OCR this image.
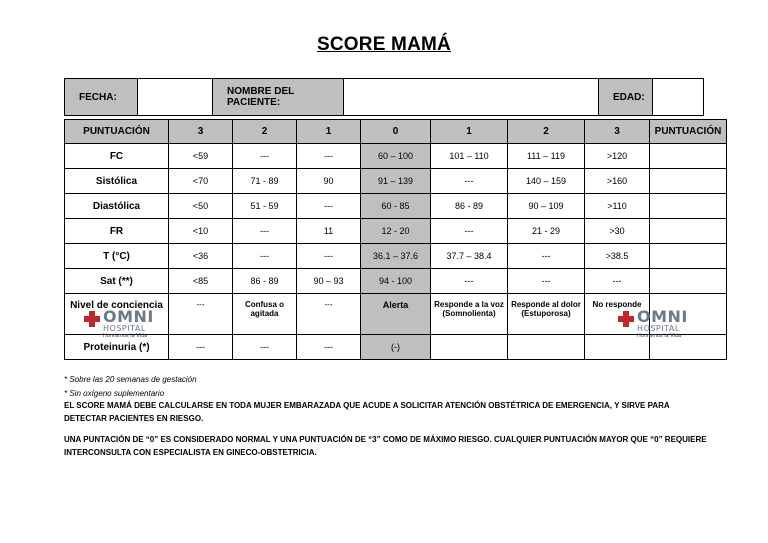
SCORE MAMÁ
FECHA:		NOMBRE DEL PACIENTE:		EDAD:	
PUNTUACIÓN	3	2	1	0	1	2	3	PUNTUACIÓN
FC	<59	---	---	60 – 100	101 – 110	111 – 119	>120	
Sistólica	<70	71 - 89	90	91 – 139	---	140 – 159	>160	
Diastólica	<50	51 - 59	---	60 - 85	86 - 89	90 – 109	>110	
FR	<10	---	11	12 - 20	---	21 - 29	>30	
T (°C)	<36	---	---	36.1 – 37.6	37.7 – 38.4	---	>38.5	
Sat (**)	<85	86 - 89	90 – 93	94 - 100	---	---	---	
Nivel de conciencia	---	Confusa o agitada	---	Alerta	Responde a la voz (Somnolienta)	Responde al dolor (Estuporosa)	No responde	
Proteinuria (*)	---	---	---	(-)				
OMNI
HOSPITAL
Honramos la Vida
OMNI
HOSPITAL
Honramos la Vida
* Sobre las 20 semanas de gestación
* Sin oxígeno suplementario
EL SCORE MAMÁ DEBE CALCULARSE EN TODA MUJER EMBARAZADA QUE ACUDE A SOLICITAR ATENCIÓN OBSTÉTRICA DE EMERGENCIA, Y SIRVE PARA DETECTAR PACIENTES EN RIESGO.
UNA PUNTACIÓN DE “0” ES CONSIDERADO NORMAL Y UNA PUNTUACIÓN DE “3” COMO DE MÁXIMO RIESGO. CUALQUIER PUNTUACIÓN MAYOR QUE “0” REQUIERE INTERCONSULTA CON ESPECIALISTA EN GINECO-OBSTETRICIA.
